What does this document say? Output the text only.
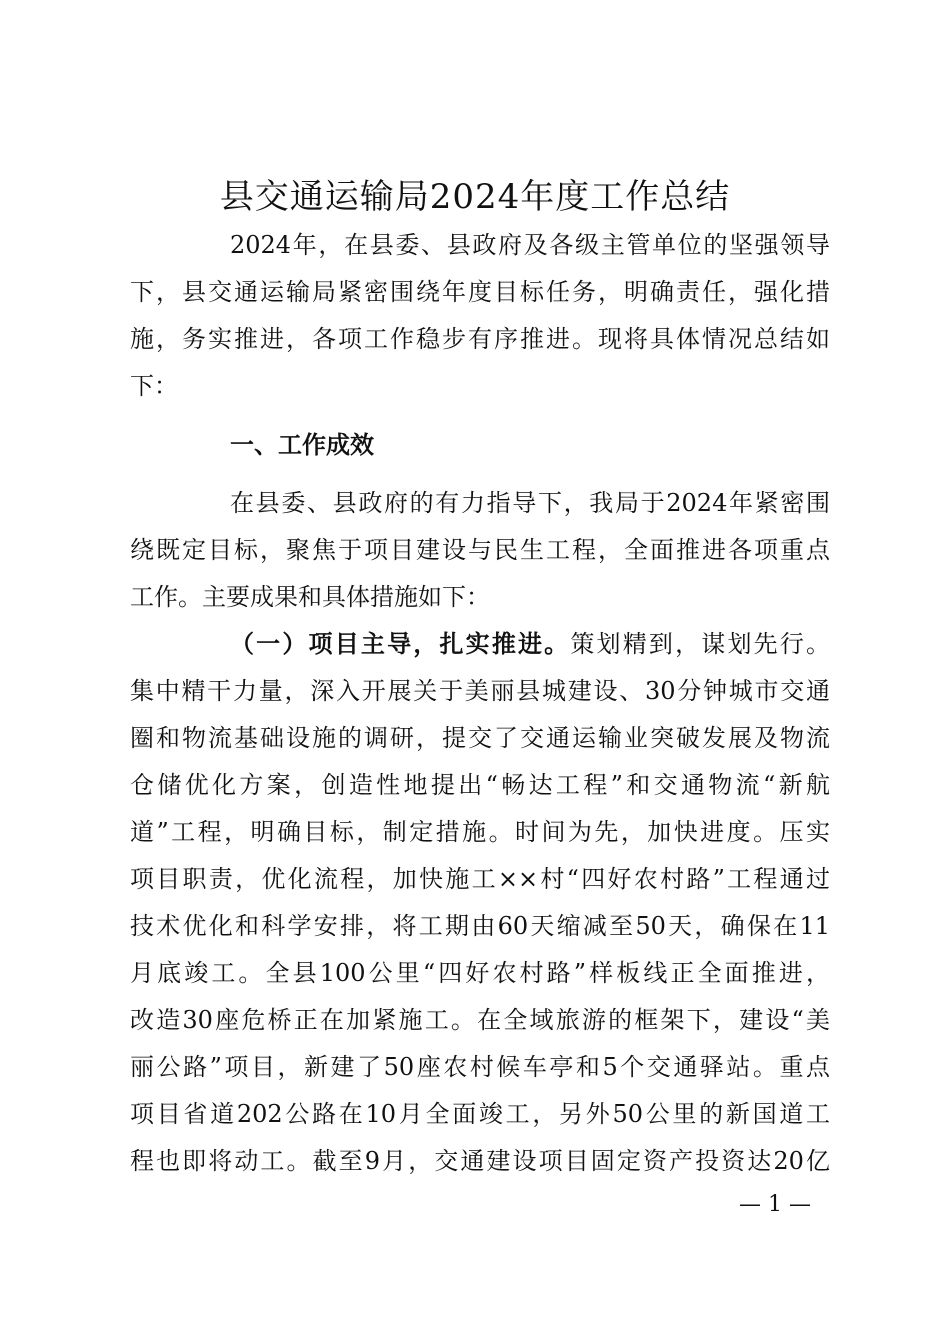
县交通运输局2024年度工作总结
2024年，在县委、县政府及各级主管单位的坚强领导
下，县交通运输局紧密围绕年度目标任务，明确责任，强化措
施，务实推进，各项工作稳步有序推进。现将具体情况总结如
下：
一、工作成效
在县委、县政府的有力指导下，我局于2024年紧密围
绕既定目标，聚焦于项目建设与民生工程，全面推进各项重点
工作。主要成果和具体措施如下：
（一）项目主导，扎实推进。策划精到，谋划先行。
集中精干力量，深入开展关于美丽县城建设、30分钟城市交通
圈和物流基础设施的调研，提交了交通运输业突破发展及物流
仓储优化方案，创造性地提出“畅达工程”和交通物流“新航
道”工程，明确目标，制定措施。时间为先，加快进度。压实
项目职责，优化流程，加快施工××村“四好农村路”工程通过
技术优化和科学安排，将工期由60天缩减至50天，确保在11
月底竣工。全县100公里“四好农村路”样板线正全面推进，
改造30座危桥正在加紧施工。在全域旅游的框架下，建设“美
丽公路”项目，新建了50座农村候车亭和5个交通驿站。重点
项目省道202公路在10月全面竣工，另外50公里的新国道工
程也即将动工。截至9月，交通建设项目固定资产投资达20亿
— 1 —
